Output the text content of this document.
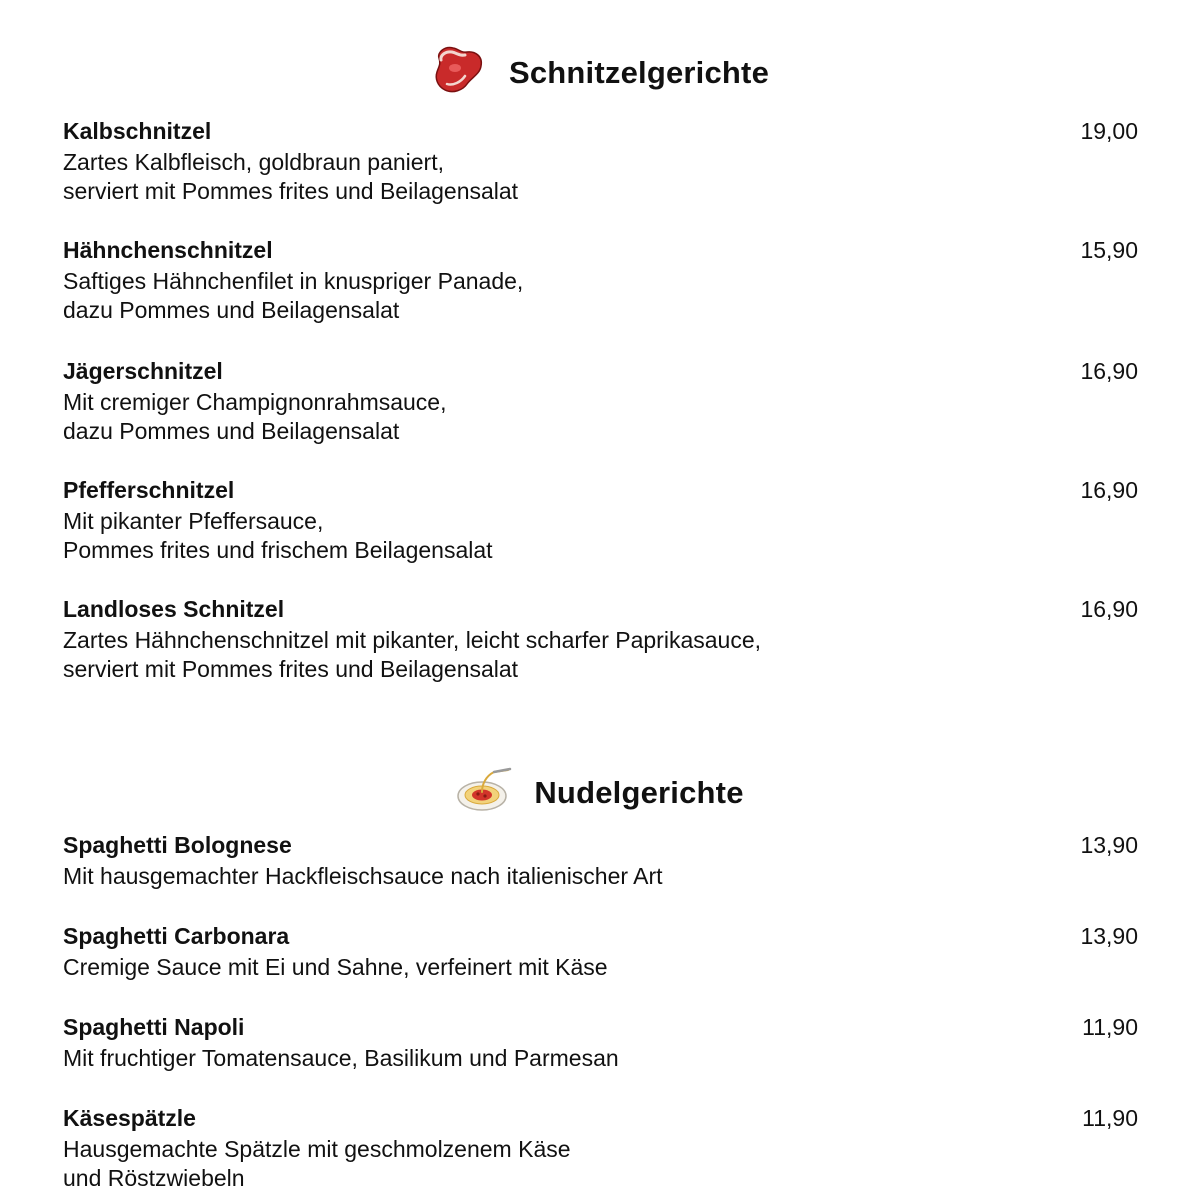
Schnitzelgerichte
Kalbschnitzel	19,00
Zartes Kalbfleisch, goldbraun paniert,
serviert mit Pommes frites und Beilagensalat
Hähnchenschnitzel	15,90
Saftiges Hähnchenfilet in knuspriger Panade,
dazu Pommes und Beilagensalat
Jägerschnitzel	16,90
Mit cremiger Champignonrahmsauce,
dazu Pommes und Beilagensalat
Pfefferschnitzel	16,90
Mit pikanter Pfeffersauce,
Pommes frites und frischem Beilagensalat
Landloses Schnitzel	16,90
Zartes Hähnchenschnitzel mit pikanter, leicht scharfer Paprikasauce,
serviert mit Pommes frites und Beilagensalat
Nudelgerichte
Spaghetti Bolognese	13,90
Mit hausgemachter Hackfleischsauce nach italienischer Art
Spaghetti Carbonara	13,90
Cremige Sauce mit Ei und Sahne, verfeinert mit Käse
Spaghetti Napoli	11,90
Mit fruchtiger Tomatensauce, Basilikum und Parmesan
Käsespätzle	11,90
Hausgemachte Spätzle mit geschmolzenem Käse
und Röstzwiebeln
